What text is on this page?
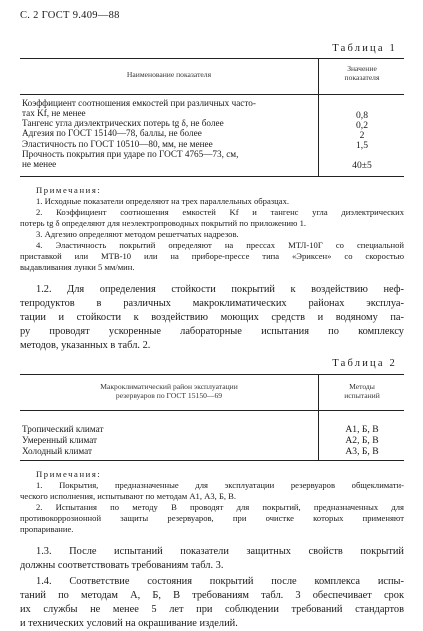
С. 2 ГОСТ 9.409—88
Таблица 1
Наименование показателя
Значение
показателя
Коэффициент соотношения емкостей при различных часто-
тах Kf, не менее	0,8
Тангенс угла диэлектрических потерь tg δ, не более	0,2
Адгезия по ГОСТ 15140—78, баллы, не более	2
Эластичность по ГОСТ 10510—80, мм, не менее	1,5
Прочность покрытия при ударе по ГОСТ 4765—73, см,
не менее	40±5
Примечания:
1. Исходные показатели определяют на трех параллельных образцах.
2. Коэффициент соотношения емкостей Kf и тангенс угла диэлектрических
потерь tg δ определяют для неэлектропроводных покрытий по приложению 1.
3. Адгезию определяют методом решетчатых надрезов.
4. Эластичность покрытий определяют на прессах МТЛ-10Г со специальной
приставкой или МТВ-10 или на приборе-прессе типа «Эриксен» со скоростью
выдавливания лунки 5 мм/мин.
1.2. Для определения стойкости покрытий к воздействию неф-
тепродуктов в различных макроклиматических районах эксплуа-
тации и стойкости к воздействию моющих средств и водяному па-
ру проводят ускоренные лабораторные испытания по комплексу
методов, указанных в табл. 2.
Таблица 2
Макроклиматический район эксплуатации
резервуаров по ГОСТ 15150—69
Методы
испытаний
Тропический климат	А1, Б, В
Умеренный климат	А2, Б, В
Холодный климат	А3, Б, В
Примечания:
1. Покрытия, предназначенные для эксплуатации резервуаров общеклимати-
ческого исполнения, испытывают по методам А1, А3, Б, В.
2. Испытания по методу В проводят для покрытий, предназначенных для
противокоррозионной защиты резервуаров, при очистке которых применяют
пропаривание.
1.3. После испытаний показатели защитных свойств покрытий
должны соответствовать требованиям табл. 3.
1.4. Соответствие состояния покрытий после комплекса испы-
таний по методам А, Б, В требованиям табл. 3 обеспечивает срок
их службы не менее 5 лет при соблюдении требований стандартов
и технических условий на окрашивание изделий.
